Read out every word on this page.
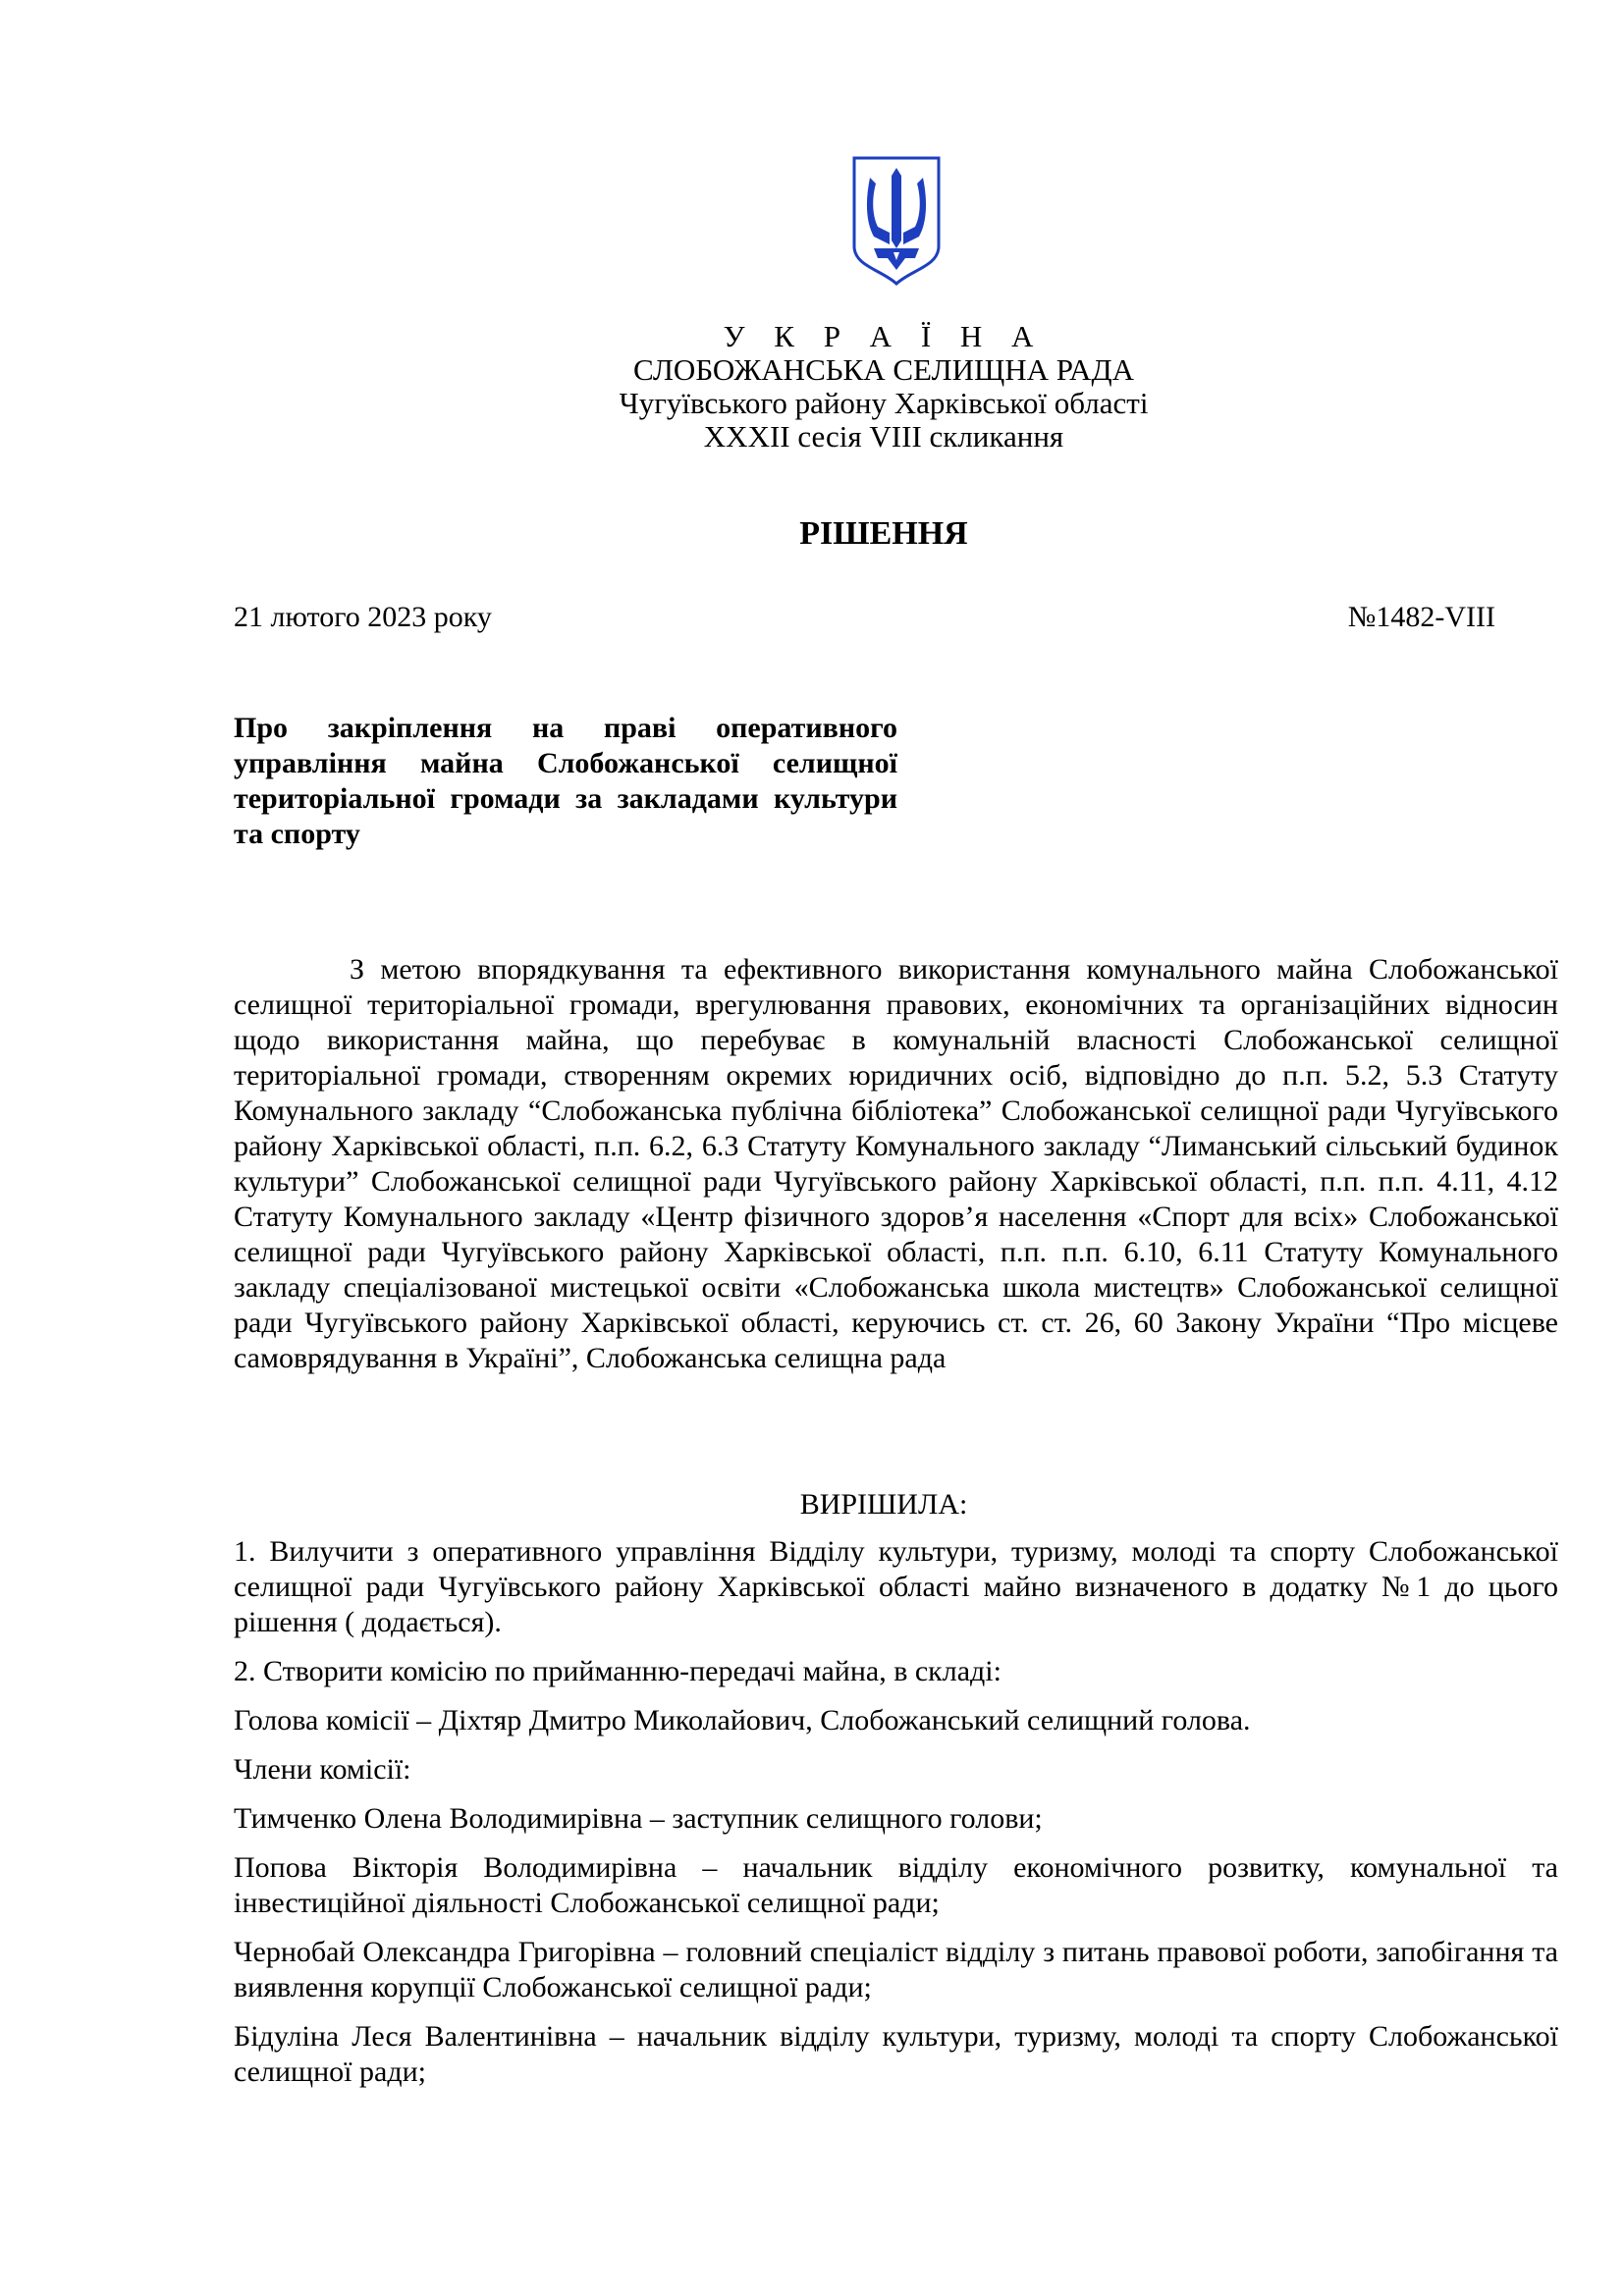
У К Р А Ї Н А
СЛОБОЖАНСЬКА СЕЛИЩНА РАДА
Чугуївського району Харківської області
XXXII сесія VIII скликання
РІШЕННЯ
21 лютого 2023 року	№1482-VIII
Про закріплення на праві оперативного управління майна Слобожанської селищної територіальної громади за закладами культури та спорту
З метою впорядкування та ефективного використання комунального майна Слобожанської селищної територіальної громади, врегулювання правових, економічних та організаційних відносин щодо використання майна, що перебуває в комунальній власності Слобожанської селищної територіальної громади, створенням окремих юридичних осіб, відповідно до п.п. 5.2, 5.3 Статуту Комунального закладу “Слобожанська публічна бібліотека” Слобожанської селищної ради Чугуївського району Харківської області, п.п. 6.2, 6.3 Статуту Комунального закладу “Лиманський сільський будинок культури” Слобожанської селищної ради Чугуївського району Харківської області, п.п. п.п. 4.11, 4.12 Статуту Комунального закладу «Центр фізичного здоров’я населення «Спорт для всіх» Слобожанської селищної ради Чугуївського району Харківської області, п.п. п.п. 6.10, 6.11 Статуту Комунального закладу спеціалізованої мистецької освіти «Слобожанська школа мистецтв» Слобожанської селищної ради Чугуївського району Харківської області, керуючись ст. ст. 26, 60 Закону України “Про місцеве самоврядування в Україні”, Слобожанська селищна рада
ВИРІШИЛА:

1. Вилучити з оперативного управління Відділу культури, туризму, молоді та спорту Слобожанської селищної ради Чугуївського району Харківської області майно визначеного в додатку №1 до цього рішення ( додається).

2. Створити комісію по прийманню-передачі майна, в складі:

Голова комісії – Діхтяр Дмитро Миколайович, Слобожанський селищний голова.

Члени комісії:

Тимченко Олена Володимирівна – заступник селищного голови;

Попова Вікторія Володимирівна – начальник відділу економічного розвитку, комунальної та інвестиційної діяльності Слобожанської селищної ради;

Чернобай Олександра Григорівна – головний спеціаліст відділу з питань правової роботи, запобігання та виявлення корупції Слобожанської селищної ради;

Бідуліна Леся Валентинівна – начальник відділу культури, туризму, молоді та спорту Слобожанської селищної ради;
